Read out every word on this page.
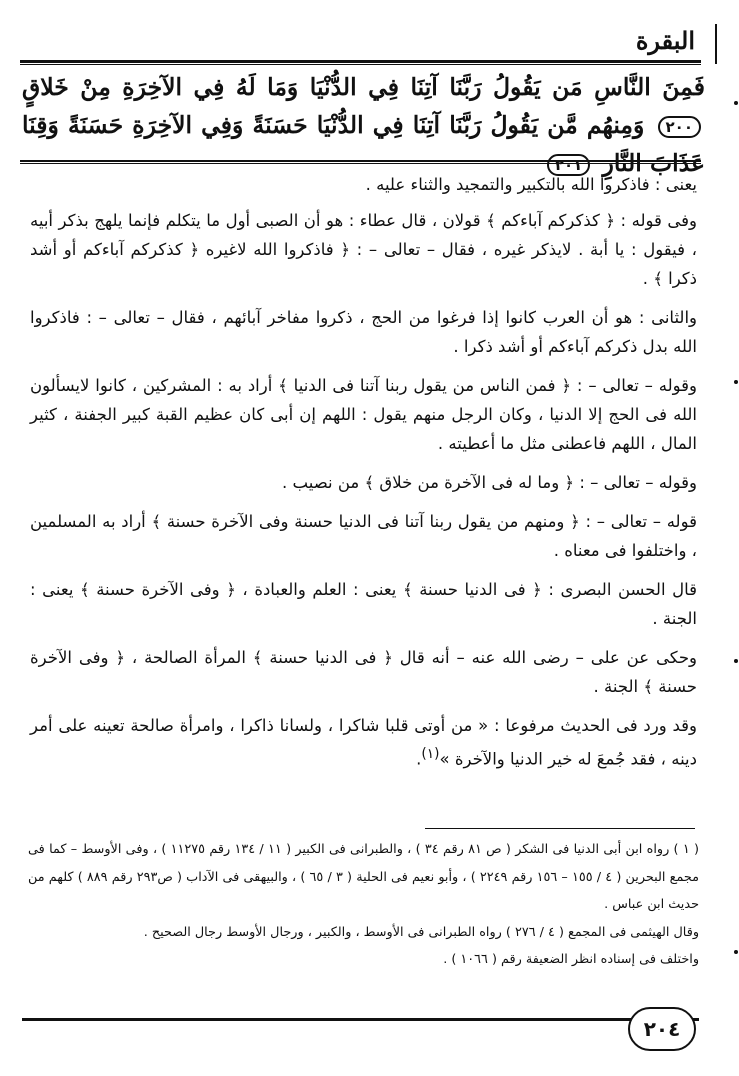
البقرة
فَمِنَ النَّاسِ مَن يَقُولُ رَبَّنَا آتِنَا فِي الدُّنْيَا وَمَا لَهُ فِي الآخِرَةِ مِنْ خَلاقٍ ٢٠٠ وَمِنهُم مَّن يَقُولُ رَبَّنَا آتِنَا فِي الدُّنْيَا حَسَنَةً وَفِي الآخِرَةِ حَسَنَةً وَقِنَا عَذَابَ النَّارِ ٢٠١

يعنى : فاذكروا الله بالتكبير والتمجيد والثناء عليه .

وفى قوله : ﴿ كذكركم آباءكم ﴾ قولان ، قال عطاء : هو أن الصبى أول ما يتكلم فإنما يلهج بذكر أبيه ، فيقول : يا أبة . لايذكر غيره ، فقال – تعالى – : ﴿ فاذكروا الله لاغيره ﴿ كذكركم آباءكم أو أشد ذكرا ﴾ .

والثانى : هو أن العرب كانوا إذا فرغوا من الحج ، ذكروا مفاخر آبائهم ، فقال – تعالى – : فاذكروا الله بدل ذكركم آباءكم أو أشد ذكرا .

وقوله – تعالى – : ﴿ فمن الناس من يقول ربنا آتنا فى الدنيا ﴾ أراد به : المشركين ، كانوا لايسألون الله فى الحج إلا الدنيا ، وكان الرجل منهم يقول : اللهم إن أبى كان عظيم القبة كبير الجفنة ، كثير المال ، اللهم فاعطنى مثل ما أعطيته .

وقوله – تعالى – : ﴿ وما له فى الآخرة من خلاق ﴾ من نصيب .

قوله – تعالى – : ﴿ ومنهم من يقول ربنا آتنا فى الدنيا حسنة وفى الآخرة حسنة ﴾ أراد به المسلمين ، واختلفوا فى معناه .

قال الحسن البصرى : ﴿ فى الدنيا حسنة ﴾ يعنى : العلم والعبادة ، ﴿ وفى الآخرة حسنة ﴾ يعنى : الجنة .

وحكى عن على – رضى الله عنه – أنه قال ﴿ فى الدنيا حسنة ﴾ المرأة الصالحة ، ﴿ وفى الآخرة حسنة ﴾ الجنة .

وقد ورد فى الحديث مرفوعا : « من أوتى قلبا شاكرا ، ولسانا ذاكرا ، وامرأة صالحة تعينه على أمر دينه ، فقد جُمعَ له خير الدنيا والآخرة »$^{(١)}$.

( ١ ) رواه ابن أبى الدنيا فى الشكر ( ص ٨١ رقم ٣٤ ) ، والطبرانى فى الكبير ( ١١ / ١٣٤ رقم ١١٢٧٥ ) ، وفى الأوسط – كما فى مجمع البحرين ( ٤ / ١٥٥ – ١٥٦ رقم ٢٢٤٩ ) ، وأبو نعيم فى الحلية ( ٣ / ٦٥ ) ، والبيهقى فى الآداب ( ص٢٩٣ رقم ٨٨٩ ) كلهم من حديث ابن عباس .

وقال الهيثمى فى المجمع ( ٤ / ٢٧٦ ) رواه الطبرانى فى الأوسط ، والكبير ، ورجال الأوسط رجال الصحيح .

واختلف فى إسناده انظر الضعيفة رقم ( ١٠٦٦ ) .

٢٠٤
